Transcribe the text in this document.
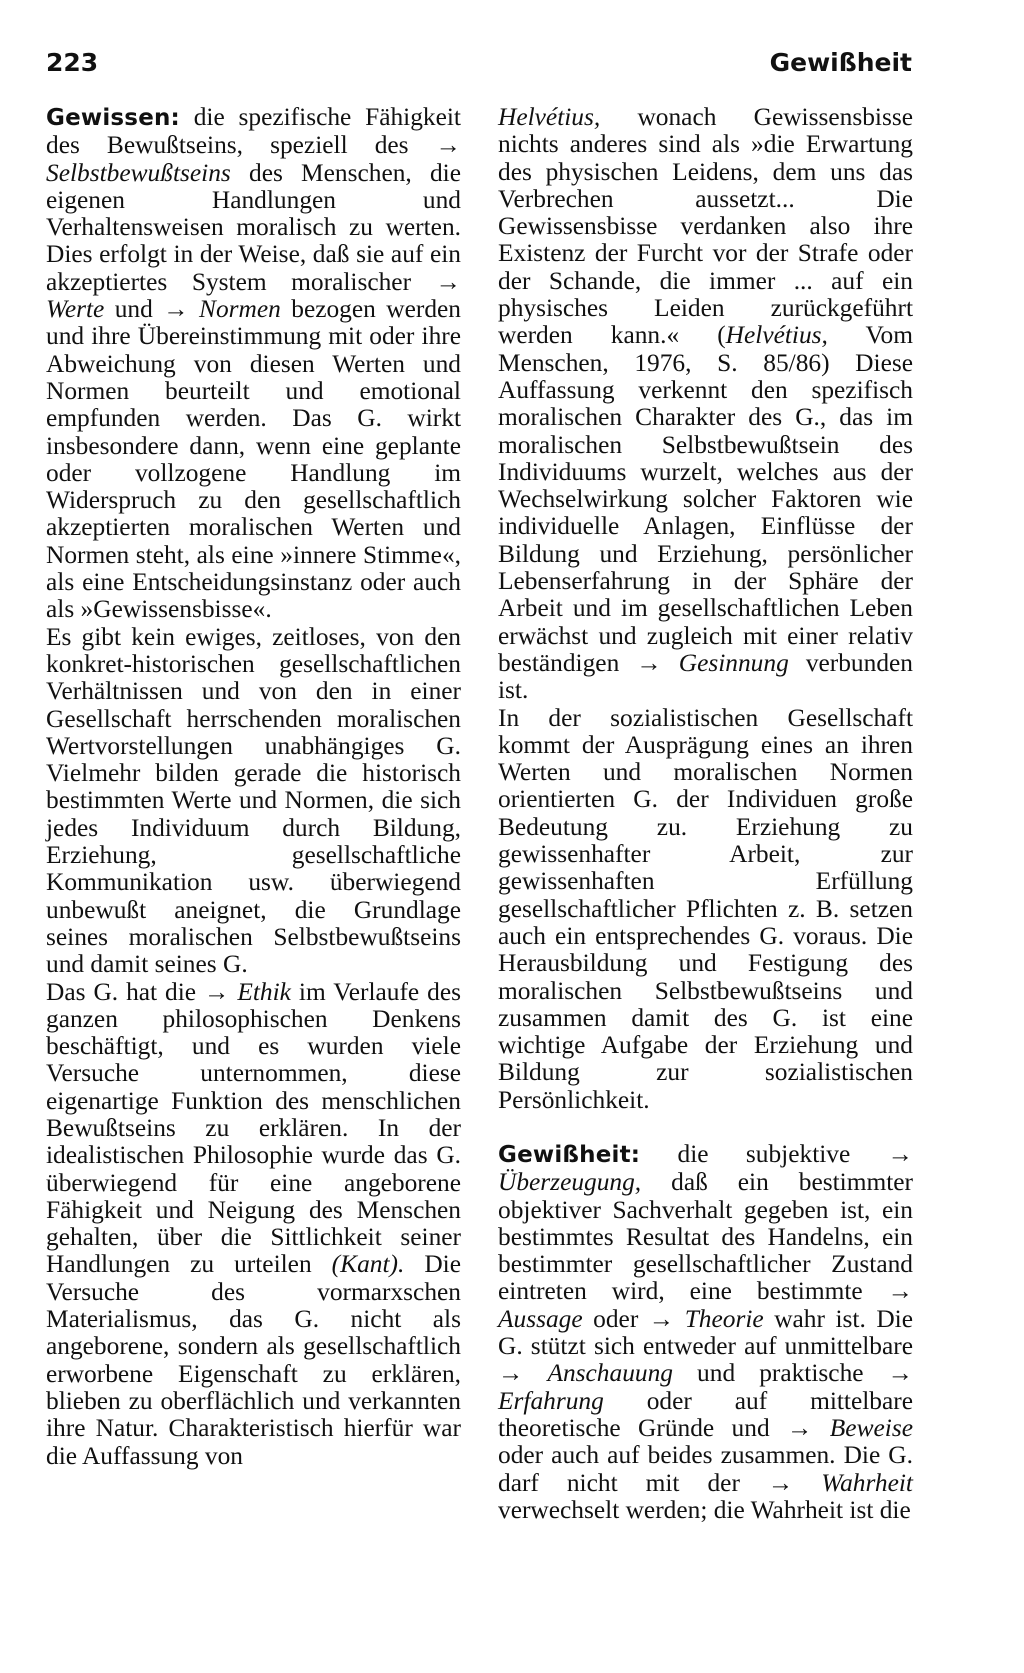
223	Gewißheit

Gewissen: die spezifische Fähigkeit des Bewußtseins, speziell des → Selbstbewußtseins des Menschen, die eigenen Handlungen und Verhaltensweisen moralisch zu werten. Dies erfolgt in der Weise, daß sie auf ein akzeptiertes System moralischer → Werte und → Normen bezogen werden und ihre Übereinstimmung mit oder ihre Abweichung von diesen Werten und Normen beurteilt und emotional empfunden werden. Das G. wirkt insbesondere dann, wenn eine geplante oder vollzogene Handlung im Widerspruch zu den gesellschaftlich akzeptierten moralischen Werten und Normen steht, als eine »innere Stimme«, als eine Entscheidungsinstanz oder auch als »Gewissensbisse«.

Es gibt kein ewiges, zeitloses, von den konkret-historischen gesellschaftlichen Verhältnissen und von den in einer Gesellschaft herrschenden moralischen Wertvorstellungen unabhängiges G. Vielmehr bilden gerade die historisch bestimmten Werte und Normen, die sich jedes Individuum durch Bildung, Erziehung, gesellschaftliche Kommunikation usw. überwiegend unbewußt aneignet, die Grundlage seines moralischen Selbstbewußtseins und damit seines G.

Das G. hat die → Ethik im Verlaufe des ganzen philosophischen Denkens beschäftigt, und es wurden viele Versuche unternommen, diese eigenartige Funktion des menschlichen Bewußtseins zu erklären. In der idealistischen Philosophie wurde das G. überwiegend für eine angeborene Fähigkeit und Neigung des Menschen gehalten, über die Sittlichkeit seiner Handlungen zu urteilen (Kant). Die Versuche des vormarxschen Materialismus, das G. nicht als angeborene, sondern als gesellschaftlich erworbene Eigenschaft zu erklären, blieben zu oberflächlich und verkannten ihre Natur. Charakteristisch hierfür war die Auffassung von

Helvétius, wonach Gewissensbisse nichts anderes sind als »die Erwartung des physischen Leidens, dem uns das Verbrechen aussetzt... Die Gewissensbisse verdanken also ihre Existenz der Furcht vor der Strafe oder der Schande, die immer ... auf ein physisches Leiden zurückgeführt werden kann.« (Helvétius, Vom Menschen, 1976, S. 85/86) Diese Auffassung verkennt den spezifisch moralischen Charakter des G., das im moralischen Selbstbewußtsein des Individuums wurzelt, welches aus der Wechselwirkung solcher Faktoren wie individuelle Anlagen, Einflüsse der Bildung und Erziehung, persönlicher Lebenserfahrung in der Sphäre der Arbeit und im gesellschaftlichen Leben erwächst und zugleich mit einer relativ beständigen → Gesinnung verbunden ist.

In der sozialistischen Gesellschaft kommt der Ausprägung eines an ihren Werten und moralischen Normen orientierten G. der Individuen große Bedeutung zu. Erziehung zu gewissenhafter Arbeit, zur gewissenhaften Erfüllung gesellschaftlicher Pflichten z. B. setzen auch ein entsprechendes G. voraus. Die Herausbildung und Festigung des moralischen Selbstbewußtseins und zusammen damit des G. ist eine wichtige Aufgabe der Erziehung und Bildung zur sozialistischen Persönlichkeit.

Gewißheit: die subjektive → Überzeugung, daß ein bestimmter objektiver Sachverhalt gegeben ist, ein bestimmtes Resultat des Handelns, ein bestimmter gesellschaftlicher Zustand eintreten wird, eine bestimmte → Aussage oder → Theorie wahr ist. Die G. stützt sich entweder auf unmittelbare → Anschauung und praktische → Erfahrung oder auf mittelbare theoretische Gründe und → Beweise oder auch auf beides zusammen. Die G. darf nicht mit der → Wahrheit verwechselt werden; die Wahrheit ist die
